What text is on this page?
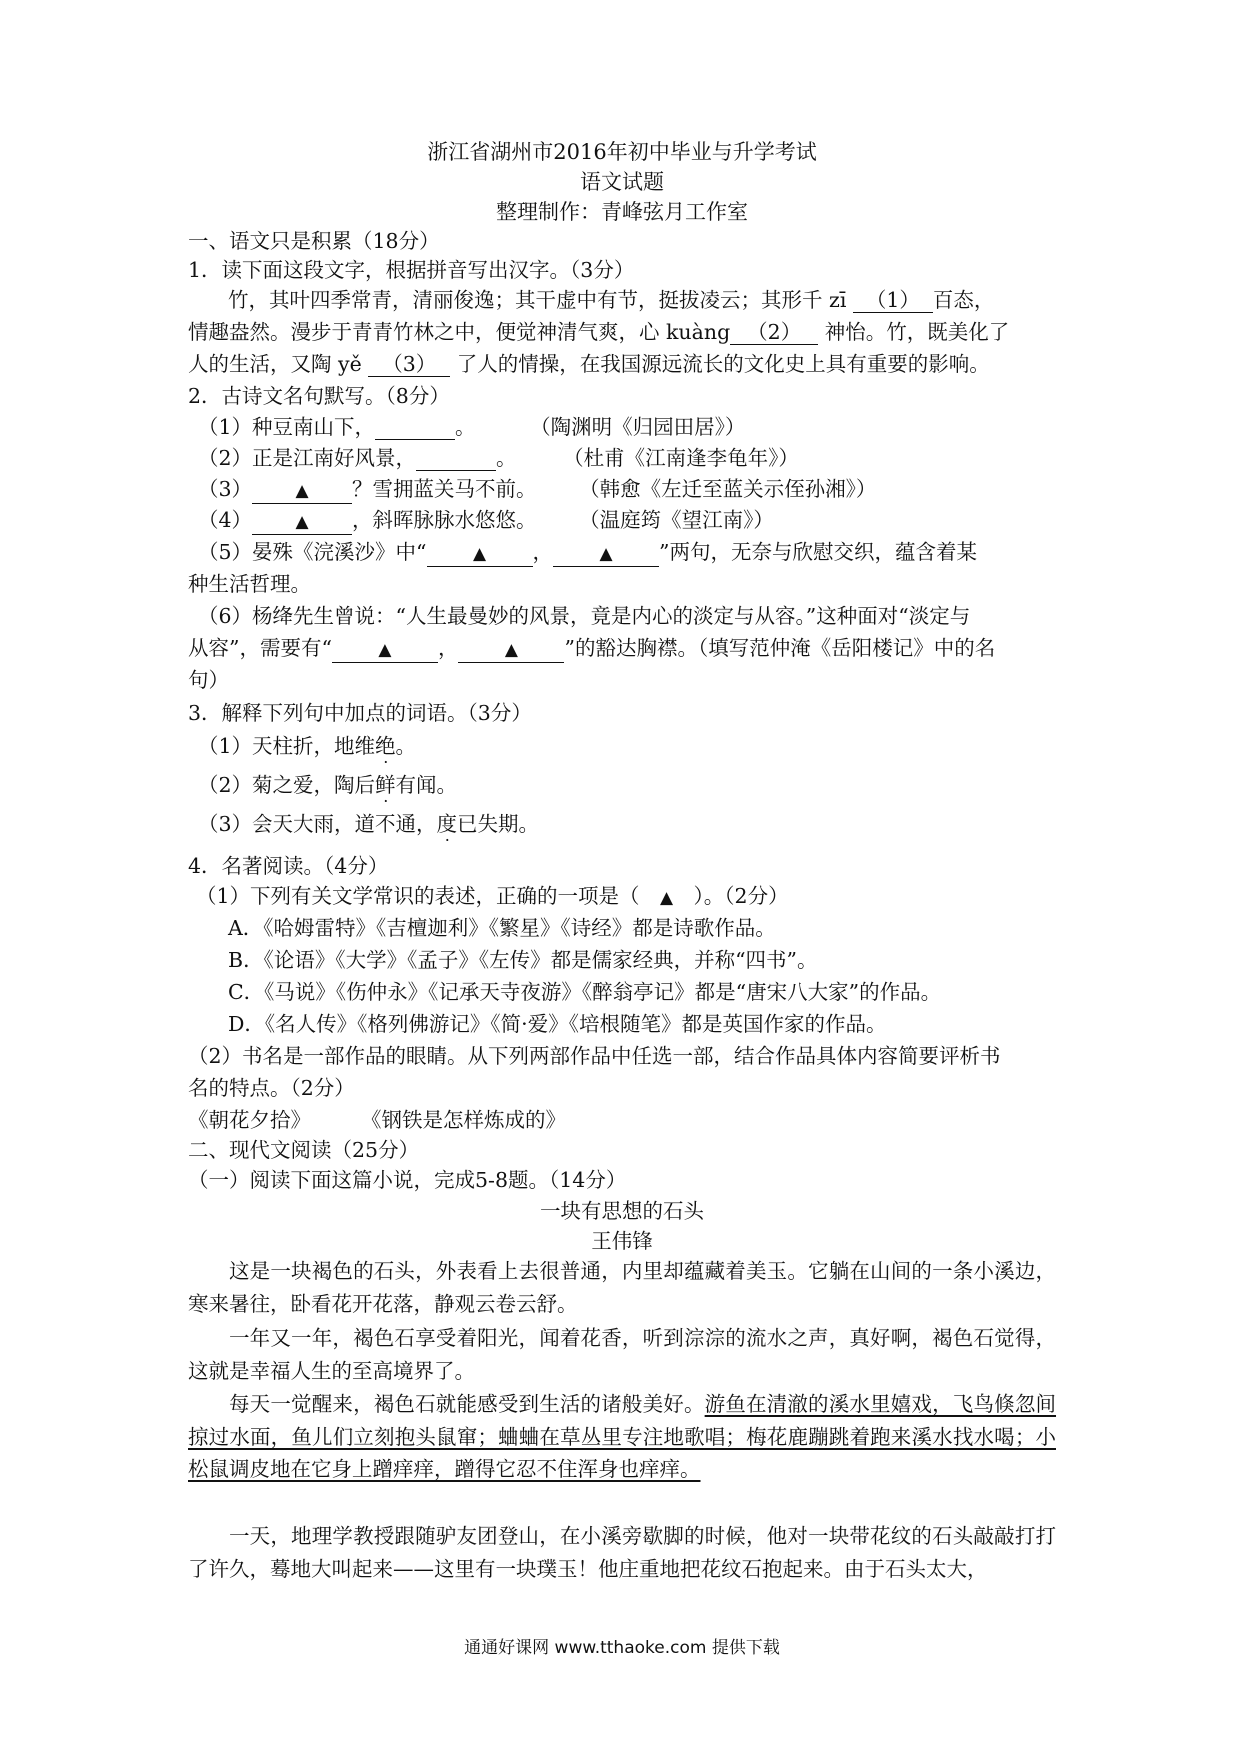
浙江省湖州市2016年初中毕业与升学考试
语文试题
整理制作：青峰弦月工作室
一、语文只是积累（18分）
1．读下面这段文字，根据拼音写出汉字。（3分）
竹，其叶四季常青，清丽俊逸；其干虚中有节，挺拔凌云；其形千 zī （1） 百态，
情趣盎然。漫步于青青竹林之中，便觉神清气爽，心 kuàng （2） 神怡。竹，既美化了
人的生活，又陶 yě （3） 了人的情操，在我国源远流长的文化史上具有重要的影响。
2．古诗文名句默写。（8分）
（1）种豆南山下，	。	（陶渊明《归园田居》）
（2）正是江南好风景，	。 （杜甫《江南逢李龟年》）
（3）	▲ ？雪拥蓝关马不前。 （韩愈《左迁至蓝关示侄孙湘》）
（4）	▲ ，斜晖脉脉水悠悠。 （温庭筠《望江南》）
（5）晏殊《浣溪沙》中“	▲ ，	▲ ”两句，无奈与欣慰交织，蕴含着某
种生活哲理。
（6）杨绛先生曾说：“人生最曼妙的风景，竟是内心的淡定与从容。”这种面对“淡定与
从容”，需要有“	▲ ，	▲ ”的豁达胸襟。（填写范仲淹《岳阳楼记》中的名
句）
3．解释下列句中加点的词语。（3分）
（1）天柱折，地维绝。
（2）菊之爱，陶后鲜有闻。
（3）会天大雨，道不通，度已失期。
4．名著阅读。（4分）
（1）下列有关文学常识的表述，正确的一项是（ ▲ ）。（2分）
A．《哈姆雷特》《吉檀迦利》《繁星》《诗经》都是诗歌作品。
B．《论语》《大学》《孟子》《左传》都是儒家经典，并称“四书”。
C．《马说》《伤仲永》《记承天寺夜游》《醉翁亭记》都是“唐宋八大家”的作品。
D．《名人传》《格列佛游记》《简·爱》《培根随笔》都是英国作家的作品。
（2）书名是一部作品的眼睛。从下列两部作品中任选一部，结合作品具体内容简要评析书
名的特点。（2分）
《朝花夕拾》 《钢铁是怎样炼成的》
二、现代文阅读（25分）
（一）阅读下面这篇小说，完成5-8题。（14分）
一块有思想的石头
王伟锋
这是一块褐色的石头，外表看上去很普通，内里却蕴藏着美玉。它躺在山间的一条小溪边，寒来暑往，卧看花开花落，静观云卷云舒。
一年又一年，褐色石享受着阳光，闻着花香，听到淙淙的流水之声，真好啊，褐色石觉得，这就是幸福人生的至高境界了。
每天一觉醒来，褐色石就能感受到生活的诸般美好。游鱼在清澈的溪水里嬉戏，飞鸟倏忽间掠过水面，鱼儿们立刻抱头鼠窜；蛐蛐在草丛里专注地歌唱；梅花鹿蹦跳着跑来溪水找水喝；小松鼠调皮地在它身上蹭痒痒，蹭得它忍不住浑身也痒痒。
一天，地理学教授跟随驴友团登山，在小溪旁歇脚的时候，他对一块带花纹的石头敲敲打打了许久，蓦地大叫起来——这里有一块璞玉！他庄重地把花纹石抱起来。由于石头太大，
通通好课网 www.tthaoke.com 提供下载
